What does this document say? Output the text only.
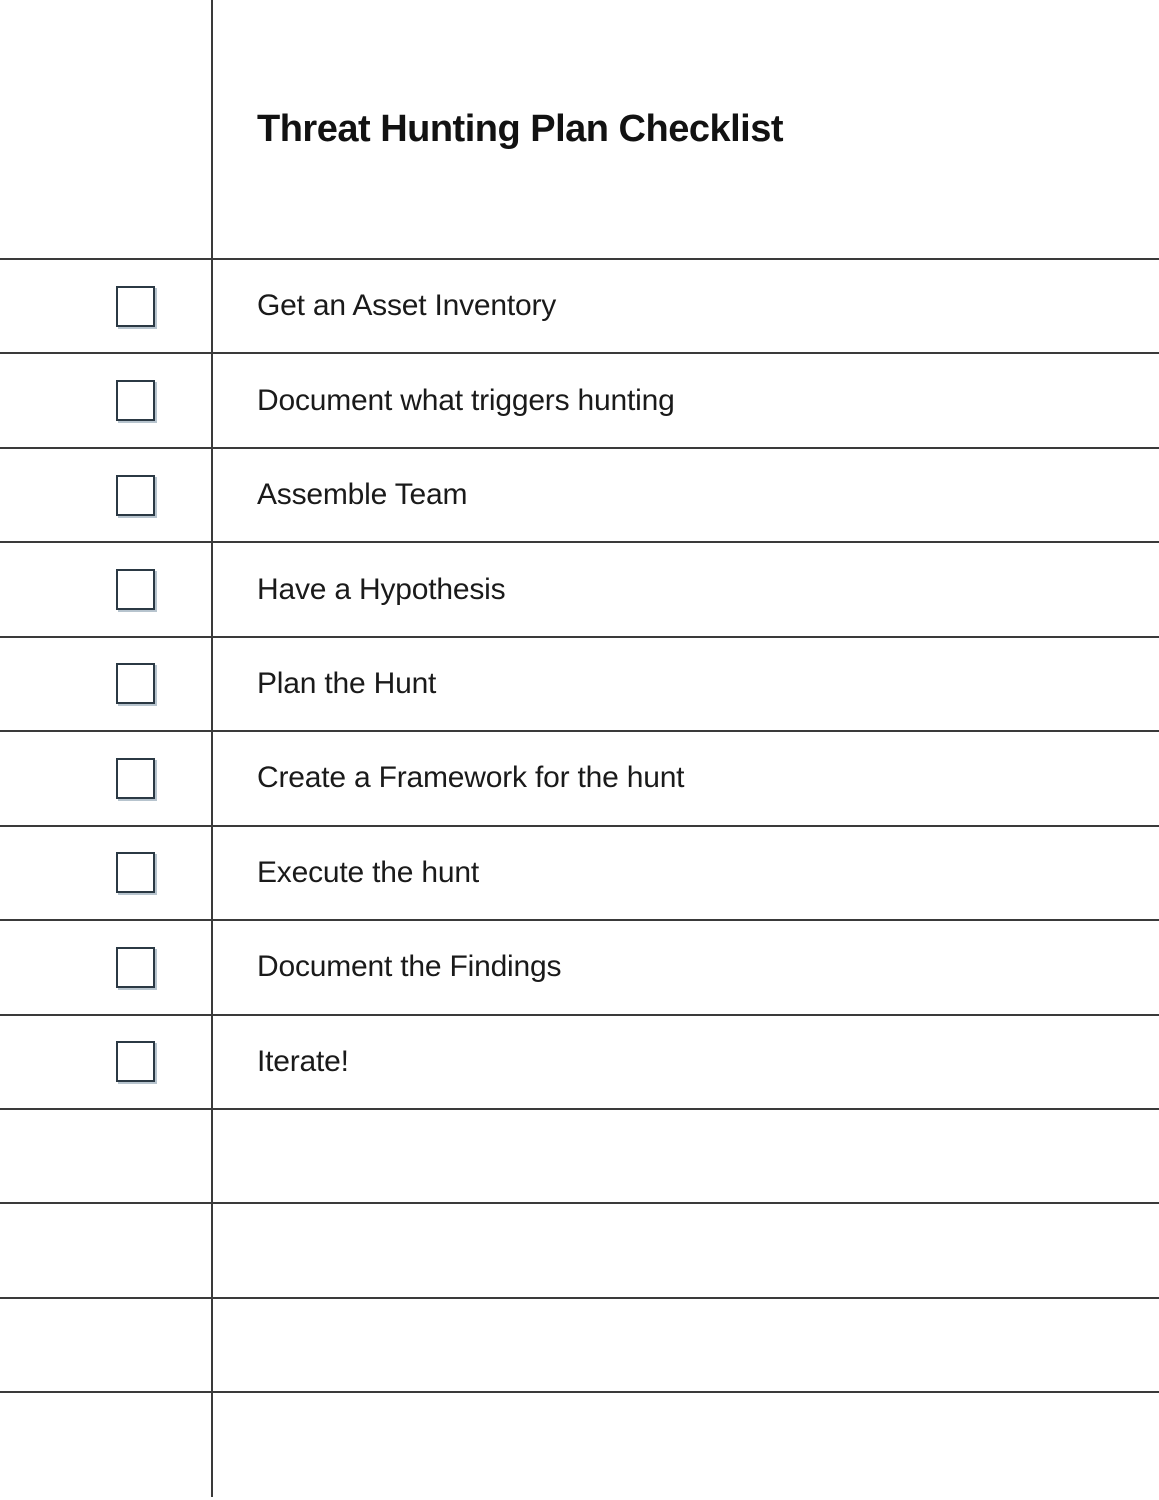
Threat Hunting Plan Checklist
Get an Asset Inventory
Document what triggers hunting
Assemble Team
Have a Hypothesis
Plan the Hunt
Create a Framework for the hunt
Execute the hunt
Document the Findings
Iterate!
